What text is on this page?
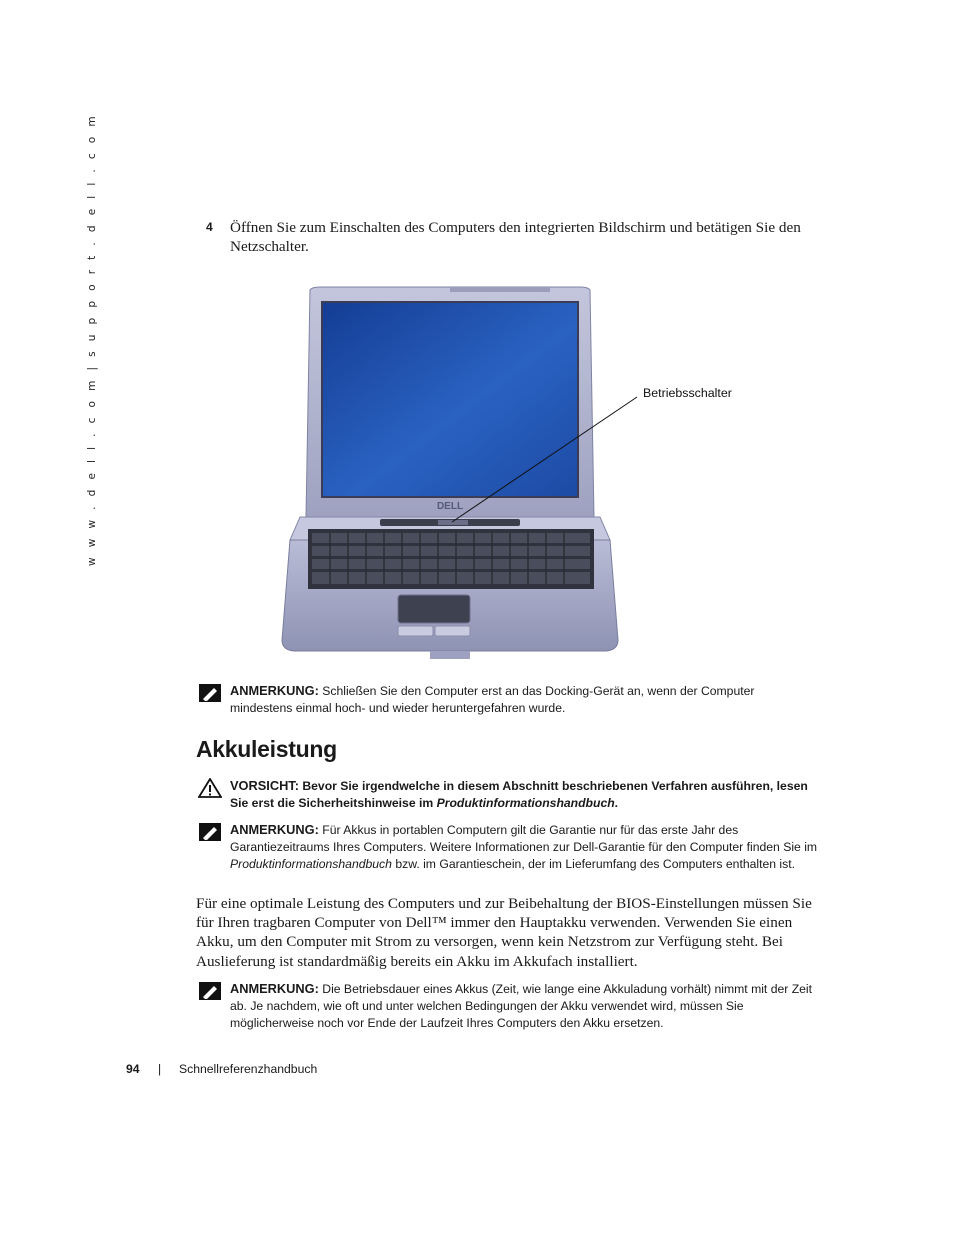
w w w . d e l l . c o m | s u p p o r t . d e l l . c o m	4 Öffnen Sie zum Einschalten des Computers den integrierten Bildschirm und betätigen Sie den Netzschalter.
DELL
Betriebsschalter
ANMERKUNG: Schließen Sie den Computer erst an das Docking-Gerät an, wenn der Computer mindestens einmal hoch- und wieder heruntergefahren wurde.
Akkuleistung
VORSICHT: Bevor Sie irgendwelche in diesem Abschnitt beschriebenen Verfahren ausführen, lesen Sie erst die Sicherheitshinweise im Produktinformationshandbuch.
ANMERKUNG: Für Akkus in portablen Computern gilt die Garantie nur für das erste Jahr des Garantiezeitraums Ihres Computers. Weitere Informationen zur Dell-Garantie für den Computer finden Sie im Produktinformationshandbuch bzw. im Garantieschein, der im Lieferumfang des Computers enthalten ist.
Für eine optimale Leistung des Computers und zur Beibehaltung der BIOS-Einstellungen müssen Sie für Ihren tragbaren Computer von Dell™ immer den Hauptakku verwenden. Verwenden Sie einen Akku, um den Computer mit Strom zu versorgen, wenn kein Netzstrom zur Verfügung steht. Bei Auslieferung ist standardmäßig bereits ein Akku im Akkufach installiert.
ANMERKUNG: Die Betriebsdauer eines Akkus (Zeit, wie lange eine Akkuladung vorhält) nimmt mit der Zeit ab. Je nachdem, wie oft und unter welchen Bedingungen der Akku verwendet wird, müssen Sie möglicherweise noch vor Ende der Laufzeit Ihres Computers den Akku ersetzen.
94 | Schnellreferenzhandbuch
